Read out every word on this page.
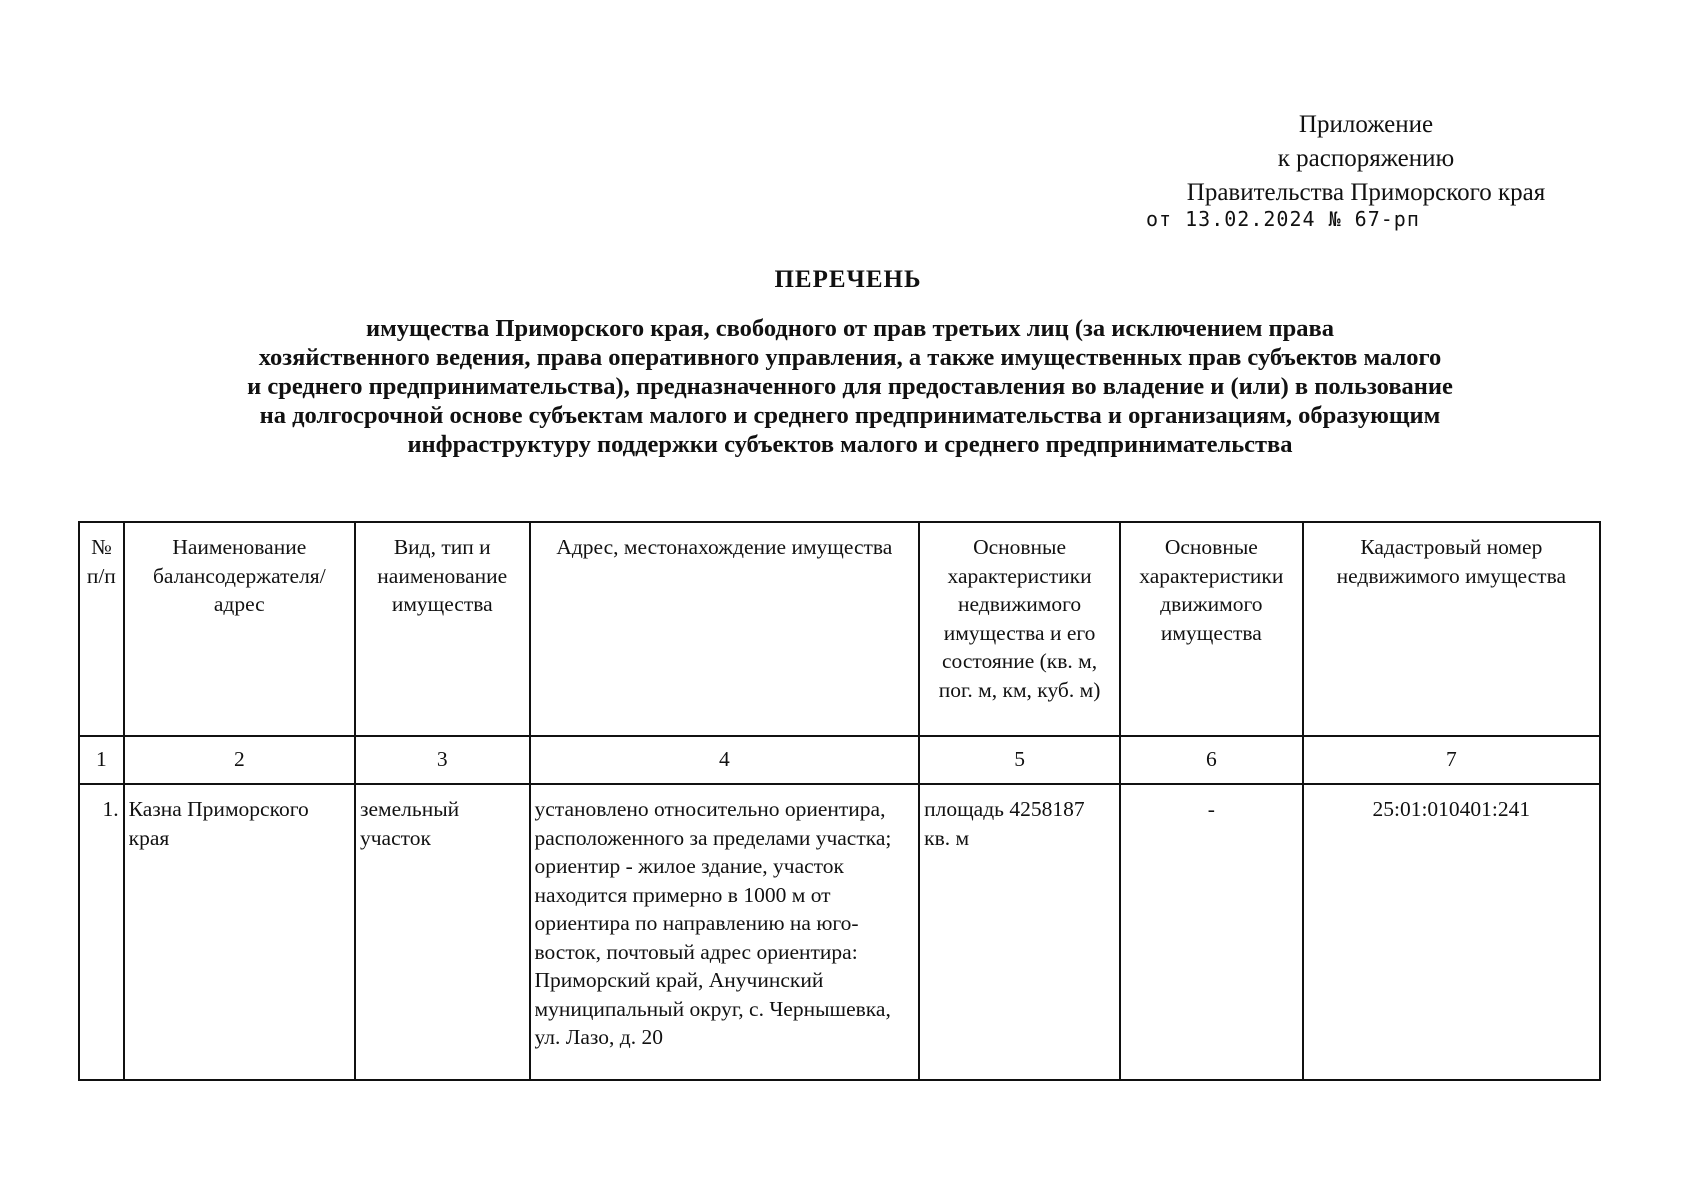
Приложение
к распоряжению
Правительства Приморского края
от 13.02.2024 № 67-рп
ПЕРЕЧЕНЬ
имущества Приморского края, свободного от прав третьих лиц (за исключением права
хозяйственного ведения, права оперативного управления, а также имущественных прав субъектов малого
и среднего предпринимательства), предназначенного для предоставления во владение и (или) в пользование
на долгосрочной основе субъектам малого и среднего предпринимательства и организациям, образующим
инфраструктуру поддержки субъектов малого и среднего предпринимательства
№ п/п	Наименование балансодержателя/ адрес	Вид, тип и наименование имущества	Адрес, местонахождение имущества	Основные характеристики недвижимого имущества и его состояние (кв. м, пог. м, км, куб. м)	Основные характеристики движимого имущества	Кадастровый номер недвижимого имущества
1	2	3	4	5	6	7
1.	Казна Приморского края	земельный участок	установлено относительно ориентира, расположенного за пределами участка; ориентир - жилое здание, участок находится примерно в 1000 м от ориентира по направлению на юго-восток, почтовый адрес ориентира: Приморский край, Анучинский муниципальный округ, с. Чернышевка, ул. Лазо, д. 20	площадь 4258187 кв. м	-	25:01:010401:241
